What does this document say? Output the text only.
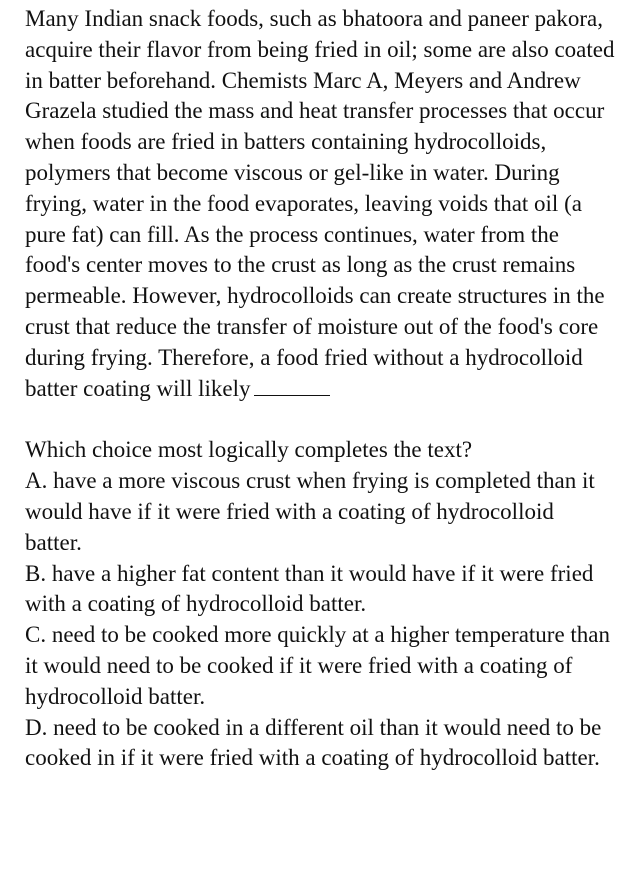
Many Indian snack foods, such as bhatoora and paneer pakora, acquire their flavor from being fried in oil; some are also coated in batter beforehand. Chemists Marc A, Meyers and Andrew Grazela studied the mass and heat transfer processes that occur when foods are fried in batters containing hydrocolloids, polymers that become viscous or gel-like in water. During frying, water in the food evaporates, leaving voids that oil (a pure fat) can fill. As the process continues, water from the food's center moves to the crust as long as the crust remains permeable. However, hydrocolloids can create structures in the crust that reduce the transfer of moisture out of the food's core during frying. Therefore, a food fried without a hydrocolloid batter coating will likely

Which choice most logically completes the text?

A. have a more viscous crust when frying is completed than it would have if it were fried with a coating of hydrocolloid batter.
B. have a higher fat content than it would have if it were fried with a coating of hydrocolloid batter.
C. need to be cooked more quickly at a higher temperature than it would need to be cooked if it were fried with a coating of hydrocolloid batter.
D. need to be cooked in a different oil than it would need to be cooked in if it were fried with a coating of hydrocolloid batter.
